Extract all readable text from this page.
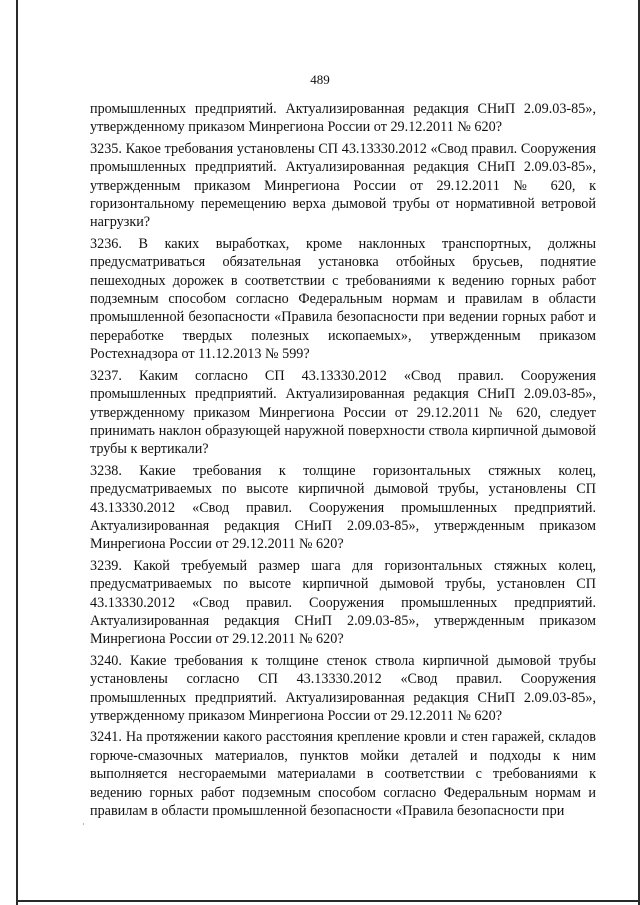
489

промышленных предприятий. Актуализированная редакция СНиП 2.09.03-85», утвержденному приказом Минрегиона России от 29.12.2011 № 620?

3235. Какое требования установлены СП 43.13330.2012 «Свод правил. Сооружения промышленных предприятий. Актуализированная редакция СНиП 2.09.03-85», утвержденным приказом Минрегиона России от 29.12.2011 № 620, к горизонтальному перемещению верха дымовой трубы от нормативной ветровой нагрузки?

3236. В каких выработках, кроме наклонных транспортных, должны предусматриваться обязательная установка отбойных брусьев, поднятие пешеходных дорожек в соответствии с требованиями к ведению горных работ подземным способом согласно Федеральным нормам и правилам в области промышленной безопасности «Правила безопасности при ведении горных работ и переработке твердых полезных ископаемых», утвержденным приказом Ростехнадзора от 11.12.2013 № 599?

3237. Каким согласно СП 43.13330.2012 «Свод правил. Сооружения промышленных предприятий. Актуализированная редакция СНиП 2.09.03-85», утвержденному приказом Минрегиона России от 29.12.2011 № 620, следует принимать наклон образующей наружной поверхности ствола кирпичной дымовой трубы к вертикали?

3238. Какие требования к толщине горизонтальных стяжных колец, предусматриваемых по высоте кирпичной дымовой трубы, установлены СП 43.13330.2012 «Свод правил. Сооружения промышленных предприятий. Актуализированная редакция СНиП 2.09.03-85», утвержденным приказом Минрегиона России от 29.12.2011 № 620?

3239. Какой требуемый размер шага для горизонтальных стяжных колец, предусматриваемых по высоте кирпичной дымовой трубы, установлен СП 43.13330.2012 «Свод правил. Сооружения промышленных предприятий. Актуализированная редакция СНиП 2.09.03-85», утвержденным приказом Минрегиона России от 29.12.2011 № 620?

3240. Какие требования к толщине стенок ствола кирпичной дымовой трубы установлены согласно СП 43.13330.2012 «Свод правил. Сооружения промышленных предприятий. Актуализированная редакция СНиП 2.09.03-85», утвержденному приказом Минрегиона России от 29.12.2011 № 620?

3241. На протяжении какого расстояния крепление кровли и стен гаражей, складов горюче-смазочных материалов, пунктов мойки деталей и подходы к ним выполняется несгораемыми материалами в соответствии с требованиями к ведению горных работ подземным способом согласно Федеральным нормам и правилам в области промышленной безопасности «Правила безопасности при

·
